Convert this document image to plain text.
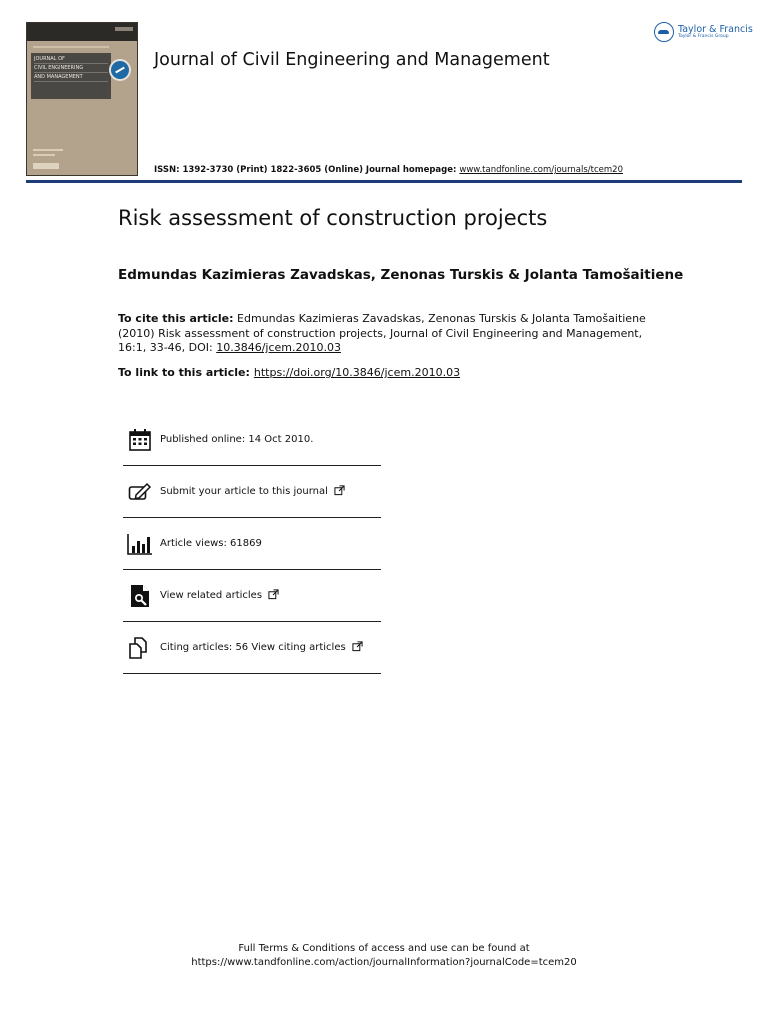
JOURNAL OF
CIVIL ENGINEERING
AND MANAGEMENT
Journal of Civil Engineering and Management
Taylor & Francis
Taylor & Francis Group
ISSN: 1392-3730 (Print) 1822-3605 (Online) Journal homepage: www.tandfonline.com/journals/tcem20
Risk assessment of construction projects
Edmundas Kazimieras Zavadskas, Zenonas Turskis & Jolanta Tamošaitiene
To cite this article: Edmundas Kazimieras Zavadskas, Zenonas Turskis & Jolanta Tamošaitiene (2010) Risk assessment of construction projects, Journal of Civil Engineering and Management, 16:1, 33-46, DOI: 10.3846/jcem.2010.03
To link to this article: https://doi.org/10.3846/jcem.2010.03
Published online: 14 Oct 2010.
Submit your article to this journal
Article views: 61869
View related articles
Citing articles: 56 View citing articles
Full Terms & Conditions of access and use can be found at
https://www.tandfonline.com/action/journalInformation?journalCode=tcem20
